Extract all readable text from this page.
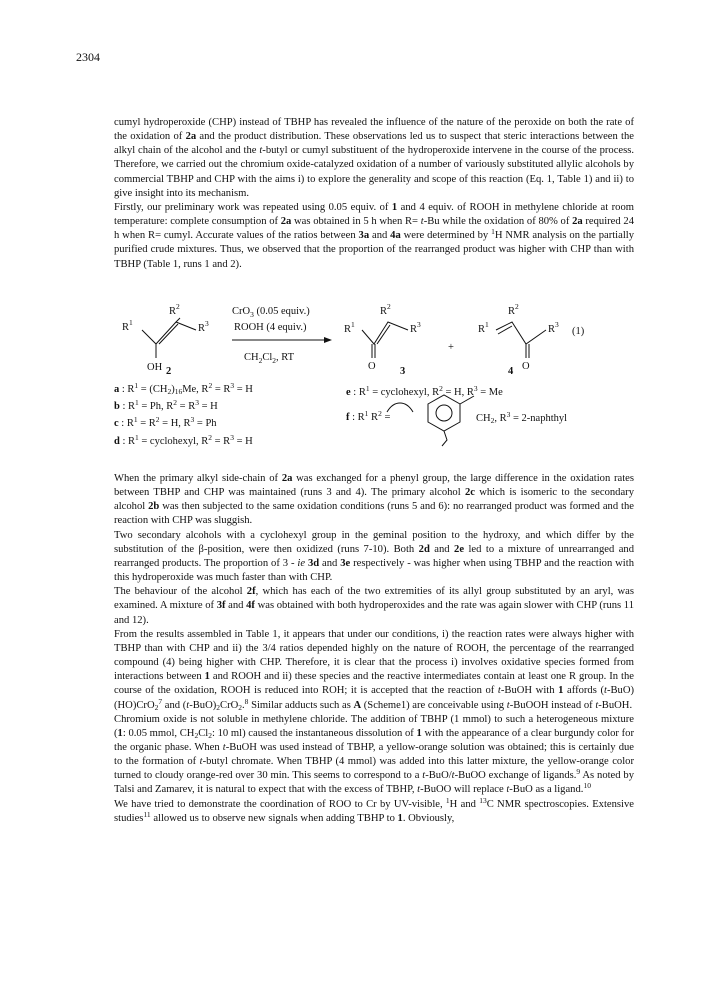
2304

cumyl hydroperoxide (CHP) instead of TBHP has revealed the influence of the nature of the peroxide on both the rate of the oxidation of 2a and the product distribution. These observations led us to suspect that steric interactions between the alkyl chain of the alcohol and the t-butyl or cumyl substituent of the hydroperoxide intervene in the course of the process. Therefore, we carried out the chromium oxide-catalyzed oxidation of a number of variously substituted allylic alcohols by commercial TBHP and CHP with the aims i) to explore the generality and scope of this reaction (Eq. 1, Table 1) and ii) to give insight into its mechanism.

Firstly, our preliminary work was repeated using 0.05 equiv. of 1 and 4 equiv. of ROOH in methylene chloride at room temperature: complete consumption of 2a was obtained in 5 h when R= t-Bu while the oxidation of 80% of 2a required 24 h when R= cumyl. Accurate values of the ratios between 3a and 4a were determined by $^1$H NMR analysis on the partially purified crude mixtures. Thus, we observed that the proportion of the rearranged product was higher with CHP than with TBHP (Table 1, runs 1 and 2).

$R^2$
$R^1$
$R^3$
OH 2
CrO$_3$ (0.05 equiv.)
ROOH (4 equiv.)
$CH_2Cl_2$, RT
$R^2$
$R^1$	$R^3$
O 3
+
$R^2$
$R^1$	$R^3$
O
4
(1)
a : $R^1 = (CH_2)_{16}Me$, $R^2 = R^3 = H$
b : $R^1 = Ph$, $R^2 = R^3 = H$
c : $R^1 = R^2 = H$, $R^3 = Ph$
d : $R^1$ = cyclohexyl, $R^2 = R^3 = H$
e : $R^1$ = cyclohexyl, $R^2 = H$, $R^3 = Me$
f : $R^1$ $R^2$ =	$CH_2$, $R^3$ = 2-naphthyl

When the primary alkyl side-chain of 2a was exchanged for a phenyl group, the large difference in the oxidation rates between TBHP and CHP was maintained (runs 3 and 4). The primary alcohol 2c which is isomeric to the secondary alcohol 2b was then subjected to the same oxidation conditions (runs 5 and 6): no rearranged product was formed and the reaction with CHP was sluggish.

Two secondary alcohols with a cyclohexyl group in the geminal position to the hydroxy, and which differ by the substitution of the β-position, were then oxidized (runs 7-10). Both 2d and 2e led to a mixture of unrearranged and rearranged products. The proportion of 3 - ie 3d and 3e respectively - was higher when using TBHP and the reaction with this hydroperoxide was much faster than with CHP.

The behaviour of the alcohol 2f, which has each of the two extremities of its allyl group substituted by an aryl, was examined. A mixture of 3f and 4f was obtained with both hydroperoxides and the rate was again slower with CHP (runs 11 and 12).

From the results assembled in Table 1, it appears that under our conditions, i) the reaction rates were always higher with TBHP than with CHP and ii) the 3/4 ratios depended highly on the nature of ROOH, the percentage of the rearranged compound (4) being higher with CHP. Therefore, it is clear that the process i) involves oxidative species formed from interactions between 1 and ROOH and ii) these species and the reactive intermediates contain at least one R group. In the course of the oxidation, ROOH is reduced into ROH; it is accepted that the reaction of t-BuOH with 1 affords (t-BuO)(HO)CrO$_2^7$ and $(t-BuO)_2CrO_2.^8$ Similar adducts such as A (Scheme1) are conceivable using t-BuOOH instead of t-BuOH.

Chromium oxide is not soluble in methylene chloride. The addition of TBHP (1 mmol) to such a heterogeneous mixture (1: 0.05 mmol, $CH_2Cl_2$: 10 ml) caused the instantaneous dissolution of 1 with the appearance of a clear burgundy color for the organic phase. When t-BuOH was used instead of TBHP, a yellow-orange solution was obtained; this is certainly due to the formation of t-butyl chromate. When TBHP (4 mmol) was added into this latter mixture, the yellow-orange color turned to cloudy orange-red over 30 min. This seems to correspond to a t-BuO/t-BuOO exchange of ligands.$^9$ As noted by Talsi and Zamarev, it is natural to expect that with the excess of TBHP, t-BuOO will replace t-BuO as a ligand.$^{10}$

We have tried to demonstrate the coordination of ROO to Cr by UV-visible, $^1$H and $^{13}$C NMR spectroscopies. Extensive studies$^{11}$ allowed us to observe new signals when adding TBHP to 1. Obviously,
